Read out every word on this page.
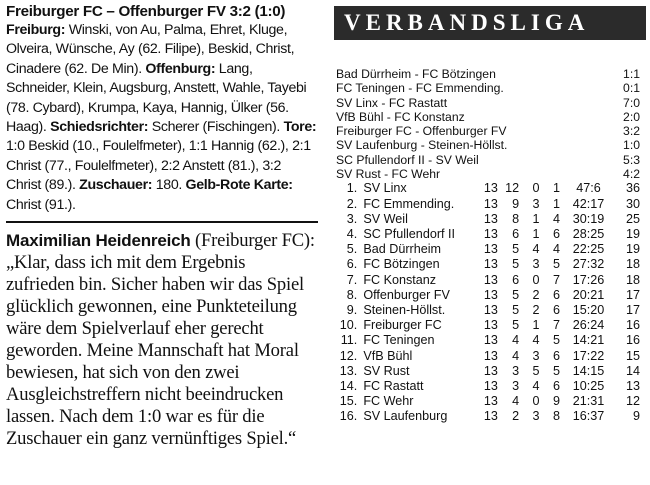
Freiburger FC – Offenburger FV 3:2 (1:0)
Freiburg: Winski, von Au, Palma, Ehret, Kluge, Olveira, Wünsche, Ay (62. Filipe), Beskid, Christ, Cinadere (62. De Min). Offenburg: Lang, Schneider, Klein, Augsburg, Anstett, Wahle, Tayebi (78. Cybard), Krumpa, Kaya, Hannig, Ülker (56. Haag). Schiedsrichter: Scherer (Fischingen). Tore: 1:0 Beskid (10., Foulelfmeter), 1:1 Hannig (62.), 2:1 Christ (77., Foulelfmeter), 2:2 Anstett (81.), 3:2 Christ (89.). Zuschauer: 180. Gelb-Rote Karte: Christ (91.).
Maximilian Heidenreich (Freiburger FC): „Klar, dass ich mit dem Ergebnis zufrieden bin. Sicher haben wir das Spiel glücklich gewonnen, eine Punkteteilung wäre dem Spielverlauf eher gerecht geworden. Meine Mannschaft hat Moral bewiesen, hat sich von den zwei Ausgleichstreffern nicht beeindrucken lassen. Nach dem 1:0 war es für die Zuschauer ein ganz vernünftiges Spiel.“
VERBANDSLIGA
Bad Dürrheim - FC Bötzingen	1:1
FC Teningen - FC Emmending.	0:1
SV Linx - FC Rastatt	7:0
VfB Bühl - FC Konstanz	2:0
Freiburger FC - Offenburger FV	3:2
SV Laufenburg - Steinen-Höllst.	1:0
SC Pfullendorf II - SV Weil	5:3
SV Rust - FC Wehr	4:2
1.	SV Linx	13	12	0	1	47:6	36
2.	FC Emmending.	13	9	3	1	42:17	30
3.	SV Weil	13	8	1	4	30:19	25
4.	SC Pfullendorf II	13	6	1	6	28:25	19
5.	Bad Dürrheim	13	5	4	4	22:25	19
6.	FC Bötzingen	13	5	3	5	27:32	18
7.	FC Konstanz	13	6	0	7	17:26	18
8.	Offenburger FV	13	5	2	6	20:21	17
9.	Steinen-Höllst.	13	5	2	6	15:20	17
10.	Freiburger FC	13	5	1	7	26:24	16
11.	FC Teningen	13	4	4	5	14:21	16
12.	VfB Bühl	13	4	3	6	17:22	15
13.	SV Rust	13	3	5	5	14:15	14
14.	FC Rastatt	13	3	4	6	10:25	13
15.	FC Wehr	13	4	0	9	21:31	12
16.	SV Laufenburg	13	2	3	8	16:37	9
